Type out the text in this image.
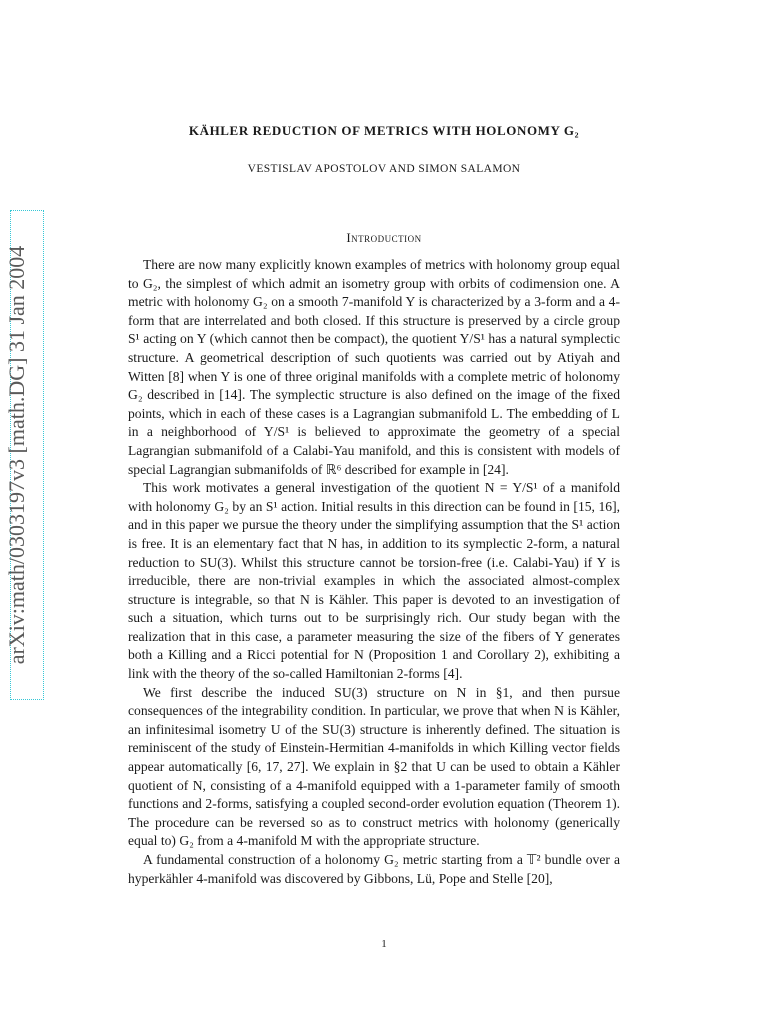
arXiv:math/0303197v3 [math.DG] 31 Jan 2004
KÄHLER REDUCTION OF METRICS WITH HOLONOMY G₂
VESTISLAV APOSTOLOV AND SIMON SALAMON
Introduction

There are now many explicitly known examples of metrics with holonomy group equal to G₂, the simplest of which admit an isometry group with orbits of codimension one. A metric with holonomy G₂ on a smooth 7-manifold Y is characterized by a 3-form and a 4-form that are interrelated and both closed. If this structure is preserved by a circle group S¹ acting on Y (which cannot then be compact), the quotient Y/S¹ has a natural symplectic structure. A geometrical description of such quotients was carried out by Atiyah and Witten [8] when Y is one of three original manifolds with a complete metric of holonomy G₂ described in [14]. The symplectic structure is also defined on the image of the fixed points, which in each of these cases is a Lagrangian submanifold L. The embedding of L in a neighborhood of Y/S¹ is believed to approximate the geometry of a special Lagrangian submanifold of a Calabi-Yau manifold, and this is consistent with models of special Lagrangian submanifolds of ℝ⁶ described for example in [24].

This work motivates a general investigation of the quotient N = Y/S¹ of a manifold with holonomy G₂ by an S¹ action. Initial results in this direction can be found in [15, 16], and in this paper we pursue the theory under the simplifying assumption that the S¹ action is free. It is an elementary fact that N has, in addition to its symplectic 2-form, a natural reduction to SU(3). Whilst this structure cannot be torsion-free (i.e. Calabi-Yau) if Y is irreducible, there are non-trivial examples in which the associated almost-complex structure is integrable, so that N is Kähler. This paper is devoted to an investigation of such a situation, which turns out to be surprisingly rich. Our study began with the realization that in this case, a parameter measuring the size of the fibers of Y generates both a Killing and a Ricci potential for N (Proposition 1 and Corollary 2), exhibiting a link with the theory of the so-called Hamiltonian 2-forms [4].

We first describe the induced SU(3) structure on N in §1, and then pursue consequences of the integrability condition. In particular, we prove that when N is Kähler, an infinitesimal isometry U of the SU(3) structure is inherently defined. The situation is reminiscent of the study of Einstein-Hermitian 4-manifolds in which Killing vector fields appear automatically [6, 17, 27]. We explain in §2 that U can be used to obtain a Kähler quotient of N, consisting of a 4-manifold equipped with a 1-parameter family of smooth functions and 2-forms, satisfying a coupled second-order evolution equation (Theorem 1). The procedure can be reversed so as to construct metrics with holonomy (generically equal to) G₂ from a 4-manifold M with the appropriate structure.

A fundamental construction of a holonomy G₂ metric starting from a 𝕋² bundle over a hyperkähler 4-manifold was discovered by Gibbons, Lü, Pope and Stelle [20],

1
